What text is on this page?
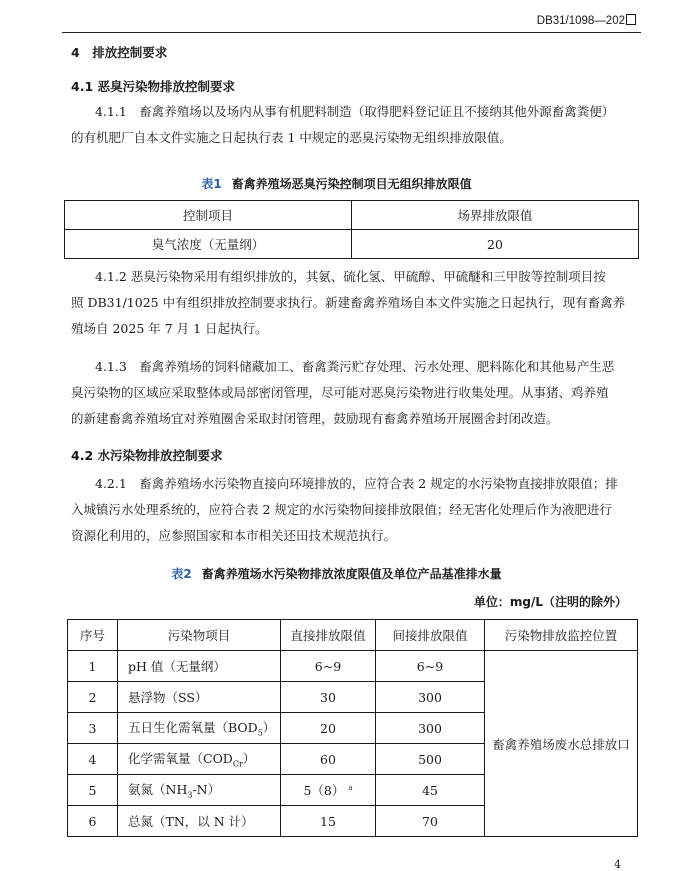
DB31/1098—202
4　排放控制要求
4.1 恶臭污染物排放控制要求
4.1.1　畜禽养殖场以及场内从事有机肥料制造（取得肥料登记证且不接纳其他外源畜禽粪便）
的有机肥厂自本文件实施之日起执行表 1 中规定的恶臭污染物无组织排放限值。
表1 畜禽养殖场恶臭污染控制项目无组织排放限值
控制项目	场界排放限值
臭气浓度（无量纲）	20
4.1.2 恶臭污染物采用有组织排放的，其氨、硫化氢、甲硫醇、甲硫醚和三甲胺等控制项目按
照 DB31/1025 中有组织排放控制要求执行。新建畜禽养殖场自本文件实施之日起执行，现有畜禽养
殖场自 2025 年 7 月 1 日起执行。
4.1.3　畜禽养殖场的饲料储藏加工、畜禽粪污贮存处理、污水处理、肥料陈化和其他易产生恶
臭污染物的区域应采取整体或局部密闭管理，尽可能对恶臭污染物进行收集处理。从事猪、鸡养殖
的新建畜禽养殖场宜对养殖圈舍采取封闭管理，鼓励现有畜禽养殖场开展圈舍封闭改造。
4.2 水污染物排放控制要求
4.2.1　畜禽养殖场水污染物直接向环境排放的，应符合表 2 规定的水污染物直接排放限值；排
入城镇污水处理系统的，应符合表 2 规定的水污染物间接排放限值；经无害化处理后作为液肥进行
资源化利用的，应参照国家和本市相关还田技术规范执行。
表2 畜禽养殖场水污染物排放浓度限值及单位产品基准排水量
单位：mg/L（注明的除外）
序号	污染物项目	直接排放限值	间接排放限值	污染物排放监控位置
1	pH 值（无量纲）	6~9	6~9	畜禽养殖场废水总排放口
2	悬浮物（SS）	30	300	
3	五日生化需氧量$(BOD_5)$	20	300	
4	化学需氧量$(COD_{Cr})$	60	500	
5	氨氮$(NH_3-N)$	5（8） $^a$	45	
6	总氮（TN，以 N 计）	15	70	
4
